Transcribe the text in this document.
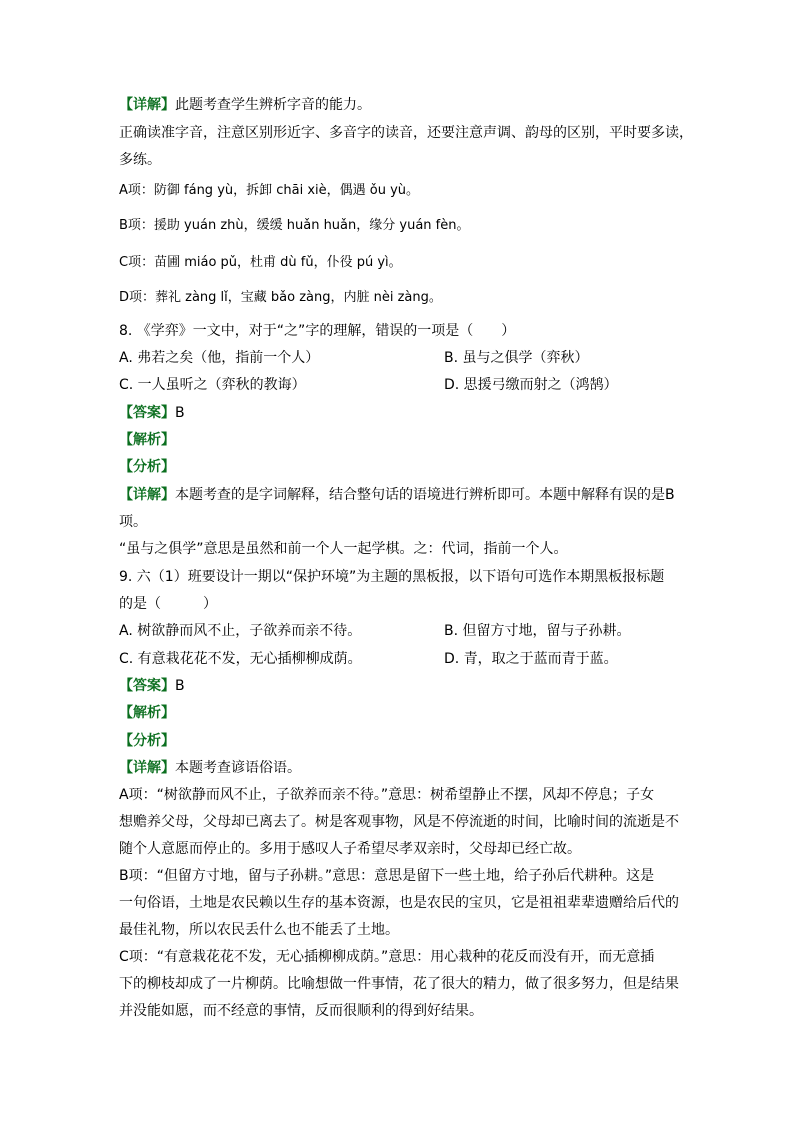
【详解】此题考查学生辨析字音的能力。
正确读准字音，注意区别形近字、多音字的读音，还要注意声调、韵母的区别，平时要多读，
多练。
A项：防御 fáng yù，拆卸 chāi xiè，偶遇 ǒu yù。
B项：援助 yuán zhù，缓缓 huǎn huǎn，缘分 yuán fèn。
C项：苗圃 miáo pǔ，杜甫 dù fǔ，仆役 pú yì。
D项：葬礼 zàng lǐ，宝藏 bǎo zàng，内脏 nèi zàng。
8. 《学弈》一文中，对于“之”字的理解，错误的一项是（　　）
A. 弗若之矣（他，指前一个人）	B. 虽与之俱学（弈秋）
C. 一人虽听之（弈秋的教诲）	D. 思援弓缴而射之（鸿鹄）
【答案】B
【解析】
【分析】
【详解】本题考查的是字词解释，结合整句话的语境进行辨析即可。本题中解释有误的是B
项。
“虽与之俱学”意思是虽然和前一个人一起学棋。之：代词，指前一个人。
9. 六（1）班要设计一期以“保护环境”为主题的黑板报，以下语句可选作本期黑板报标题
的是（　　　）
A. 树欲静而风不止，子欲养而亲不待。	B. 但留方寸地，留与子孙耕。
C. 有意栽花花不发，无心插柳柳成荫。	D. 青，取之于蓝而青于蓝。
【答案】B
【解析】
【分析】
【详解】本题考查谚语俗语。
A项：“树欲静而风不止，子欲养而亲不待。”意思：树希望静止不摆，风却不停息；子女
想赡养父母，父母却已离去了。树是客观事物，风是不停流逝的时间，比喻时间的流逝是不
随个人意愿而停止的。多用于感叹人子希望尽孝双亲时，父母却已经亡故。
B项：“但留方寸地，留与子孙耕。”意思：意思是留下一些土地，给子孙后代耕种。这是
一句俗语，土地是农民赖以生存的基本资源，也是农民的宝贝，它是祖祖辈辈遗赠给后代的
最佳礼物，所以农民丢什么也不能丢了土地。
C项：“有意栽花花不发，无心插柳柳成荫。”意思：用心栽种的花反而没有开，而无意插
下的柳枝却成了一片柳荫。比喻想做一件事情，花了很大的精力，做了很多努力，但是结果
并没能如愿，而不经意的事情，反而很顺利的得到好结果。
